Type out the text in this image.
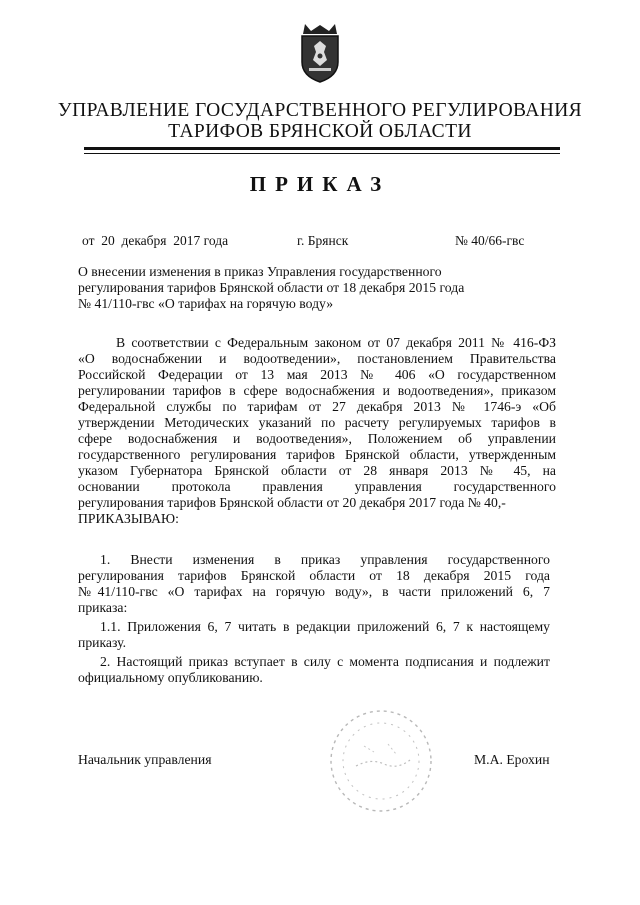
УПРАВЛЕНИЕ ГОСУДАРСТВЕННОГО РЕГУЛИРОВАНИЯ
ТАРИФОВ БРЯНСКОЙ ОБЛАСТИ
ПРИКАЗ
от  20  декабря  2017 года	г. Брянск	№ 40/66-гвс
О внесении изменения в приказ Управления государственного
регулирования тарифов Брянской области от 18 декабря 2015 года
№ 41/110-гвс «О тарифах на горячую воду»
В соответствии с Федеральным законом от 07 декабря 2011 № 416-ФЗ
«О водоснабжении и водоотведении», постановлением Правительства
Российской Федерации от 13 мая 2013 № 406 «О государственном
регулировании тарифов в сфере водоснабжения и водоотведения», приказом
Федеральной службы по тарифам от 27 декабря 2013 № 1746-э «Об
утверждении Методических указаний по расчету регулируемых тарифов в
сфере водоснабжения и водоотведения», Положением об управлении
государственного регулирования тарифов Брянской области, утвержденным
указом Губернатора Брянской области от 28 января 2013 № 45, на
основании протокола правления управления государственного
регулирования тарифов Брянской области от 20 декабря 2017 года № 40,-
ПРИКАЗЫВАЮ:
1. Внести изменения в приказ управления государственного
регулирования тарифов Брянской области от 18 декабря 2015 года
№41/110-гвс «О тарифах на горячую воду», в части приложений 6, 7
приказа:
1.1. Приложения 6, 7 читать в редакции приложений 6, 7 к настоящему
приказу.
2. Настоящий приказ вступает в силу с момента подписания и подлежит
официальному опубликованию.
Начальник управления	М.А. Ерохин
